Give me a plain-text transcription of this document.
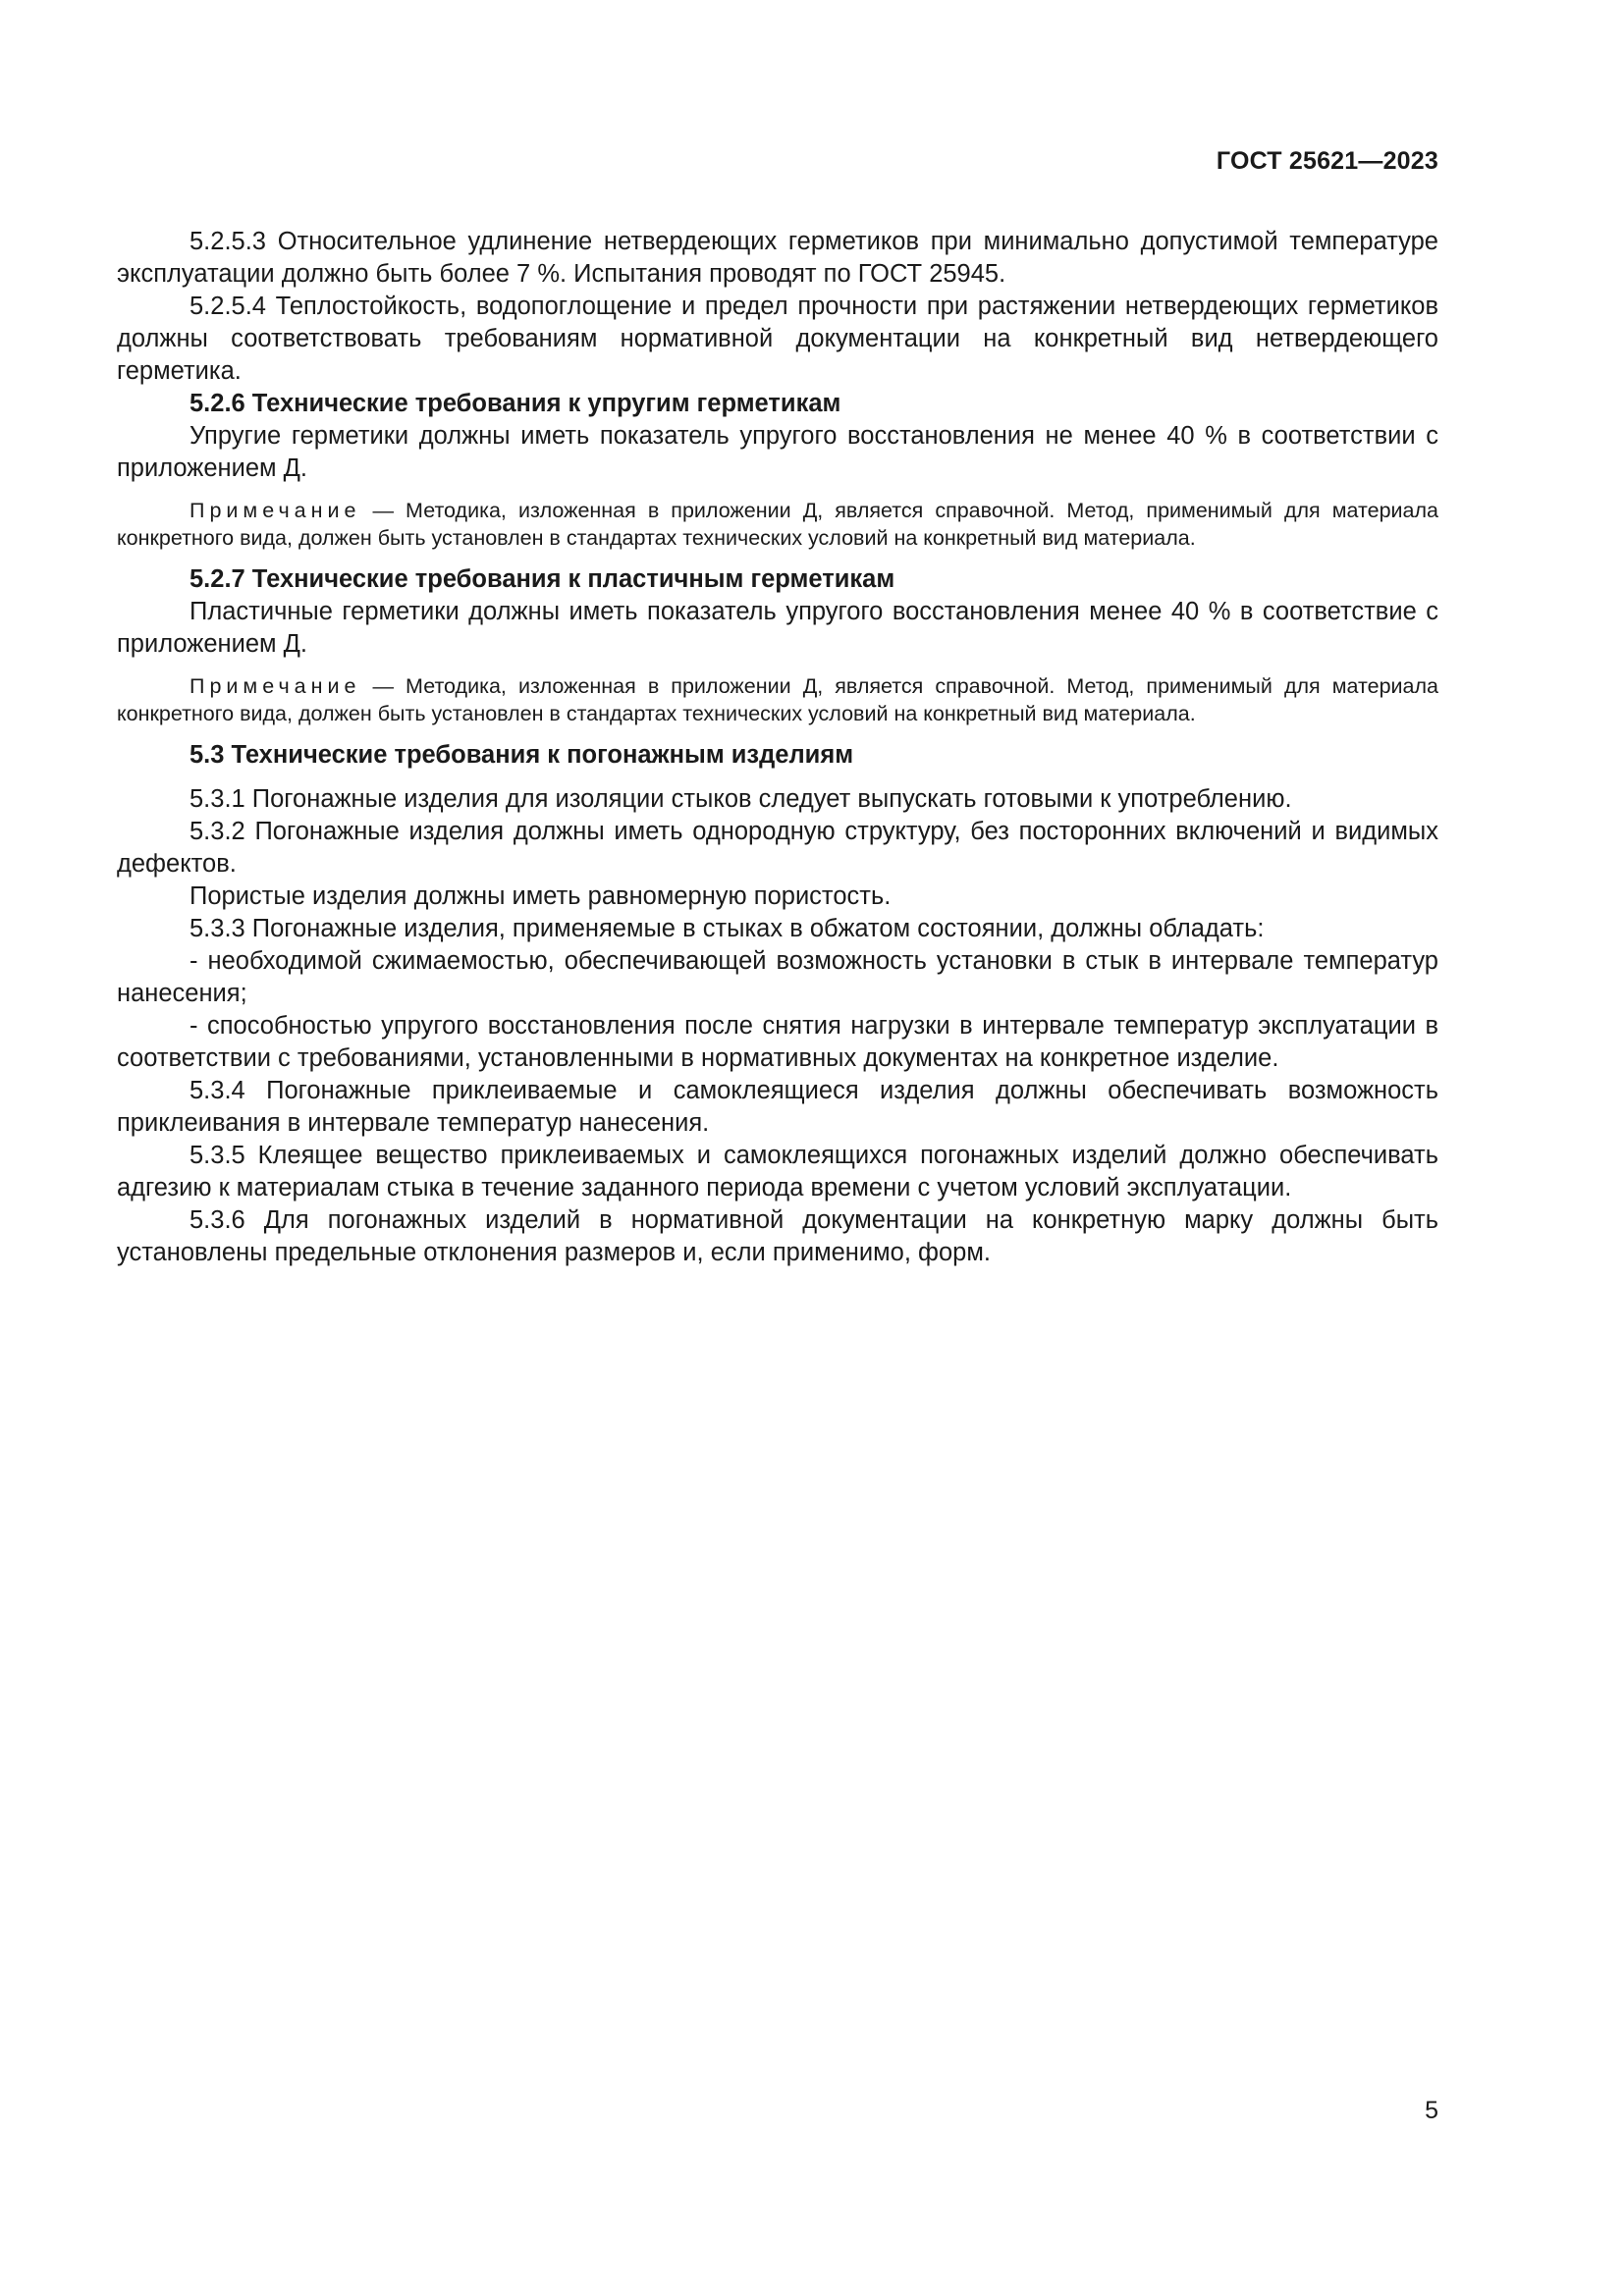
ГОСТ 25621—2023

5.2.5.3 Относительное удлинение нетвердеющих герметиков при минимально допустимой температуре эксплуатации должно быть более 7 %. Испытания проводят по ГОСТ 25945.

5.2.5.4 Теплостойкость, водопоглощение и предел прочности при растяжении нетвердеющих герметиков должны соответствовать требованиям нормативной документации на конкретный вид нетвердеющего герметика.

5.2.6 Технические требования к упругим герметикам

Упругие герметики должны иметь показатель упругого восстановления не менее 40 % в соответствии с приложением Д.

Примечание — Методика, изложенная в приложении Д, является справочной. Метод, применимый для материала конкретного вида, должен быть установлен в стандартах технических условий на конкретный вид материала.

5.2.7 Технические требования к пластичным герметикам

Пластичные герметики должны иметь показатель упругого восстановления менее 40 % в соответствие с приложением Д.

Примечание — Методика, изложенная в приложении Д, является справочной. Метод, применимый для материала конкретного вида, должен быть установлен в стандартах технических условий на конкретный вид материала.

5.3 Технические требования к погонажным изделиям

5.3.1 Погонажные изделия для изоляции стыков следует выпускать готовыми к употреблению.

5.3.2 Погонажные изделия должны иметь однородную структуру, без посторонних включений и видимых дефектов.

Пористые изделия должны иметь равномерную пористость.

5.3.3 Погонажные изделия, применяемые в стыках в обжатом состоянии, должны обладать:

- необходимой сжимаемостью, обеспечивающей возможность установки в стык в интервале температур нанесения;

- способностью упругого восстановления после снятия нагрузки в интервале температур эксплуатации в соответствии с требованиями, установленными в нормативных документах на конкретное изделие.

5.3.4 Погонажные приклеиваемые и самоклеящиеся изделия должны обеспечивать возможность приклеивания в интервале температур нанесения.

5.3.5 Клеящее вещество приклеиваемых и самоклеящихся погонажных изделий должно обеспечивать адгезию к материалам стыка в течение заданного периода времени с учетом условий эксплуатации.

5.3.6 Для погонажных изделий в нормативной документации на конкретную марку должны быть установлены предельные отклонения размеров и, если применимо, форм.

5
